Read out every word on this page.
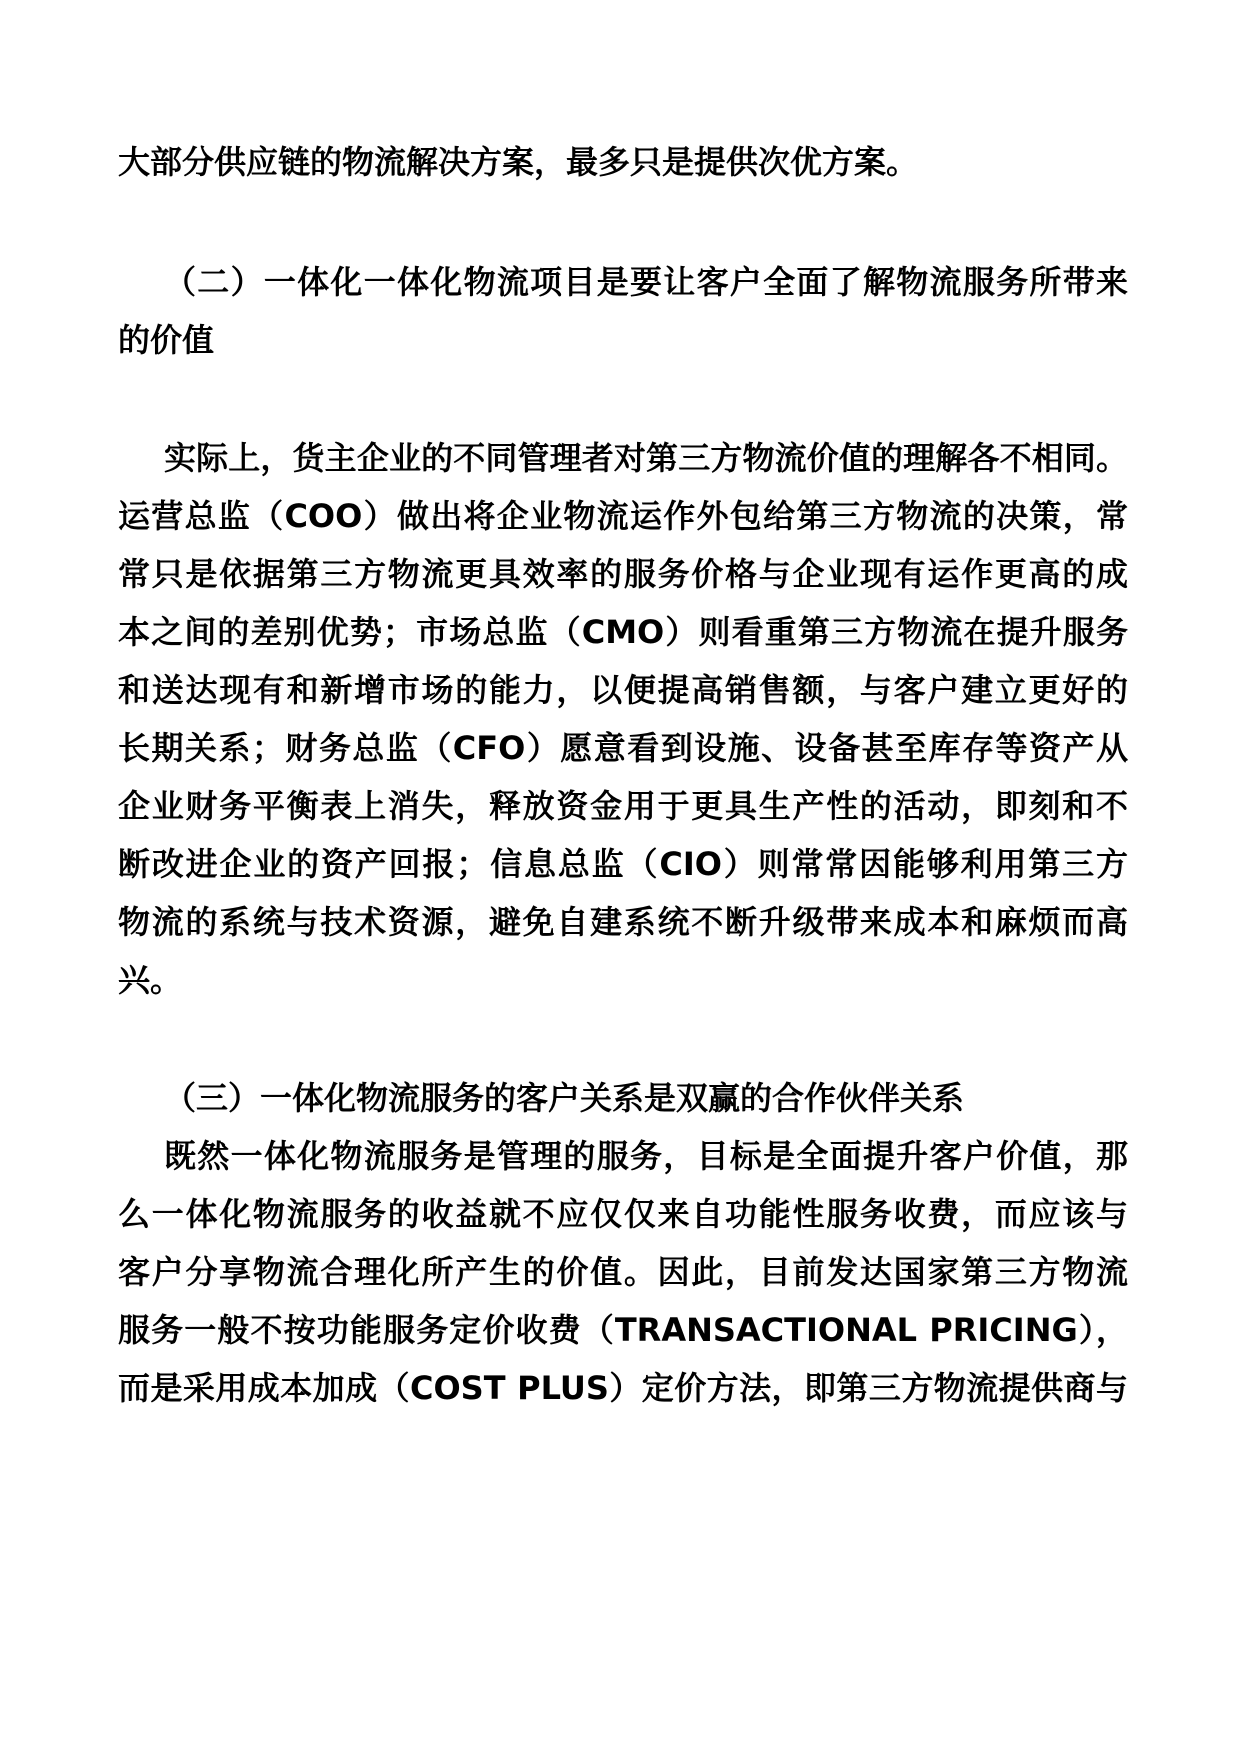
大部分供应链的物流解决方案，最多只是提供次优方案。
（二）一体化一体化物流项目是要让客户全面了解物流服务所带来
的价值
实际上，货主企业的不同管理者对第三方物流价值的理解各不相同。
运营总监（COO）做出将企业物流运作外包给第三方物流的决策，常
常只是依据第三方物流更具效率的服务价格与企业现有运作更高的成
本之间的差别优势；市场总监（CMO）则看重第三方物流在提升服务
和送达现有和新增市场的能力，以便提高销售额，与客户建立更好的
长期关系；财务总监（CFO）愿意看到设施、设备甚至库存等资产从
企业财务平衡表上消失，释放资金用于更具生产性的活动，即刻和不
断改进企业的资产回报；信息总监（CIO）则常常因能够利用第三方
物流的系统与技术资源，避免自建系统不断升级带来成本和麻烦而高
兴。
（三）一体化物流服务的客户关系是双赢的合作伙伴关系
既然一体化物流服务是管理的服务，目标是全面提升客户价值，那
么一体化物流服务的收益就不应仅仅来自功能性服务收费，而应该与
客户分享物流合理化所产生的价值。因此，目前发达国家第三方物流
服务一般不按功能服务定价收费（TRANSACTIONAL PRICING），
而是采用成本加成（COST PLUS）定价方法，即第三方物流提供商与
